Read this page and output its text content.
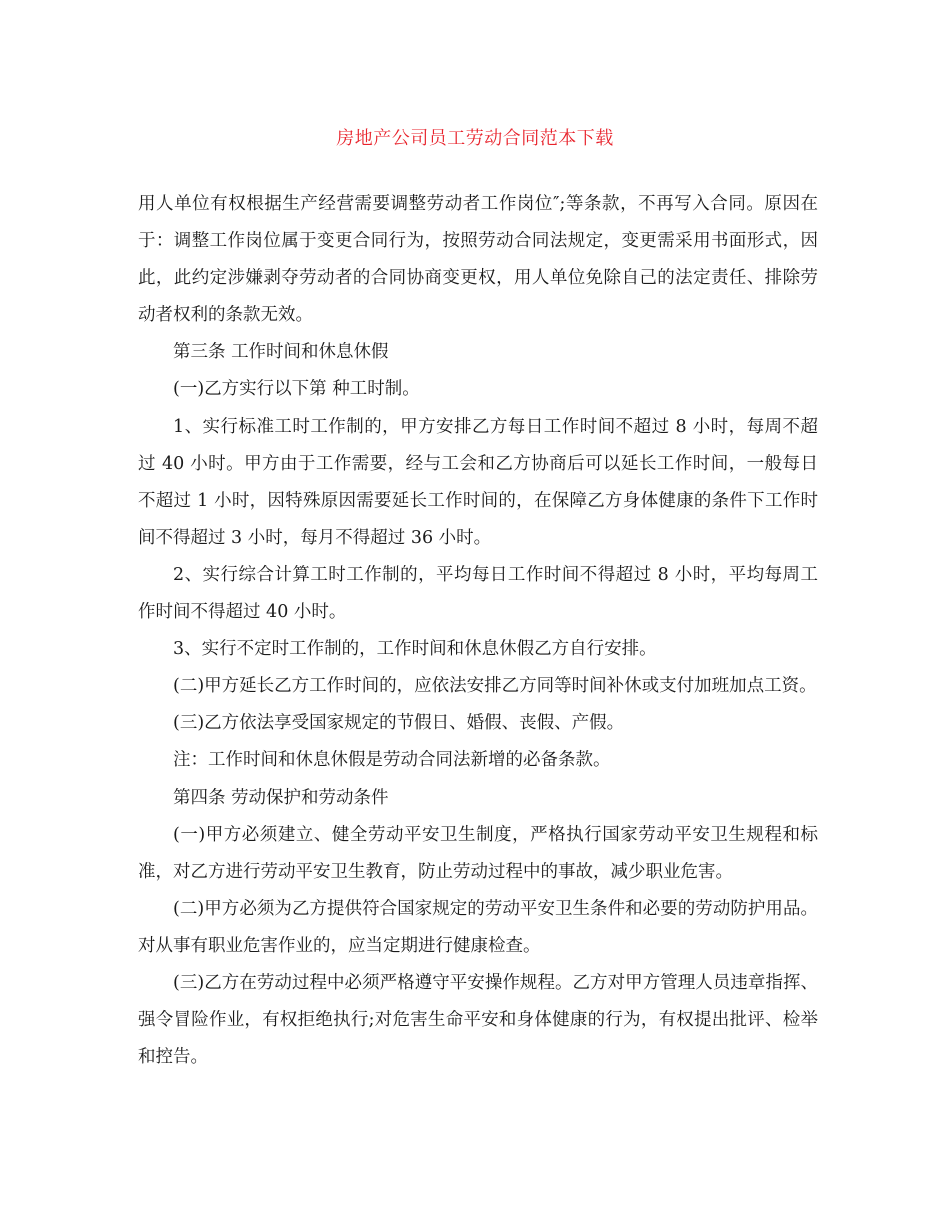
房地产公司员工劳动合同范本下载

用人单位有权根据生产经营需要调整劳动者工作岗位″;等条款，不再写入合同。原因在于：调整工作岗位属于变更合同行为，按照劳动合同法规定，变更需采用书面形式，因此，此约定涉嫌剥夺劳动者的合同协商变更权，用人单位免除自己的法定责任、排除劳动者权利的条款无效。

第三条 工作时间和休息休假

(一)乙方实行以下第 种工时制。

1、实行标准工时工作制的，甲方安排乙方每日工作时间不超过 8 小时，每周不超过 40 小时。甲方由于工作需要，经与工会和乙方协商后可以延长工作时间，一般每日不超过 1 小时，因特殊原因需要延长工作时间的，在保障乙方身体健康的条件下工作时间不得超过 3 小时，每月不得超过 36 小时。

2、实行综合计算工时工作制的，平均每日工作时间不得超过 8 小时，平均每周工作时间不得超过 40 小时。

3、实行不定时工作制的，工作时间和休息休假乙方自行安排。

(二)甲方延长乙方工作时间的，应依法安排乙方同等时间补休或支付加班加点工资。

(三)乙方依法享受国家规定的节假日、婚假、丧假、产假。

注：工作时间和休息休假是劳动合同法新增的必备条款。

第四条 劳动保护和劳动条件

(一)甲方必须建立、健全劳动平安卫生制度，严格执行国家劳动平安卫生规程和标准，对乙方进行劳动平安卫生教育，防止劳动过程中的事故，减少职业危害。

(二)甲方必须为乙方提供符合国家规定的劳动平安卫生条件和必要的劳动防护用品。对从事有职业危害作业的，应当定期进行健康检查。

(三)乙方在劳动过程中必须严格遵守平安操作规程。乙方对甲方管理人员违章指挥、强令冒险作业，有权拒绝执行;对危害生命平安和身体健康的行为，有权提出批评、检举和控告。
